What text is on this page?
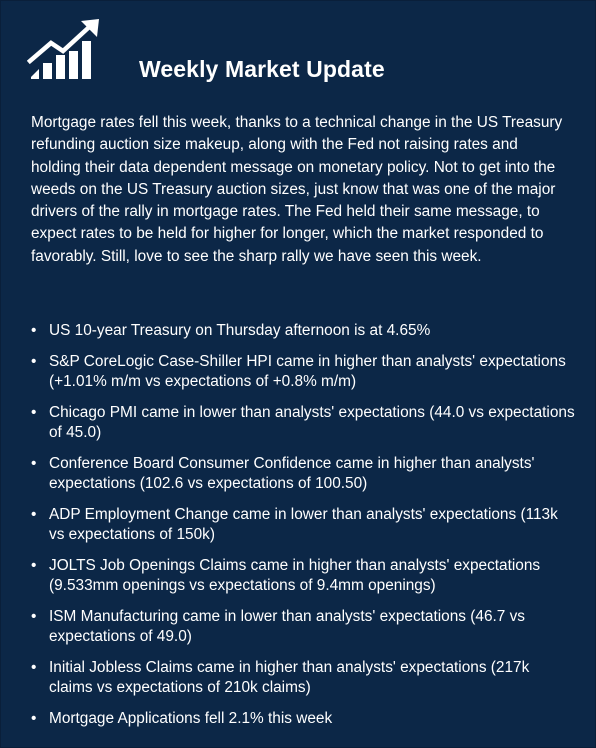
Weekly Market Update

Mortgage rates fell this week, thanks to a technical change in the US Treasury refunding auction size makeup, along with the Fed not raising rates and holding their data dependent message on monetary policy. Not to get into the weeds on the US Treasury auction sizes, just know that was one of the major drivers of the rally in mortgage rates. The Fed held their same message, to expect rates to be held for higher for longer, which the market responded to favorably. Still, love to see the sharp rally we have seen this week.

• US 10-year Treasury on Thursday afternoon is at 4.65%
• S&P CoreLogic Case-Shiller HPI came in higher than analysts' expectations (+1.01% m/m vs expectations of +0.8% m/m)
• Chicago PMI came in lower than analysts' expectations (44.0 vs expectations of 45.0)
• Conference Board Consumer Confidence came in higher than analysts' expectations (102.6 vs expectations of 100.50)
• ADP Employment Change came in lower than analysts' expectations (113k vs expectations of 150k)
• JOLTS Job Openings Claims came in higher than analysts' expectations (9.533mm openings vs expectations of 9.4mm openings)
• ISM Manufacturing came in lower than analysts' expectations (46.7 vs expectations of 49.0)
• Initial Jobless Claims came in higher than analysts' expectations (217k claims vs expectations of 210k claims)
• Mortgage Applications fell 2.1% this week
